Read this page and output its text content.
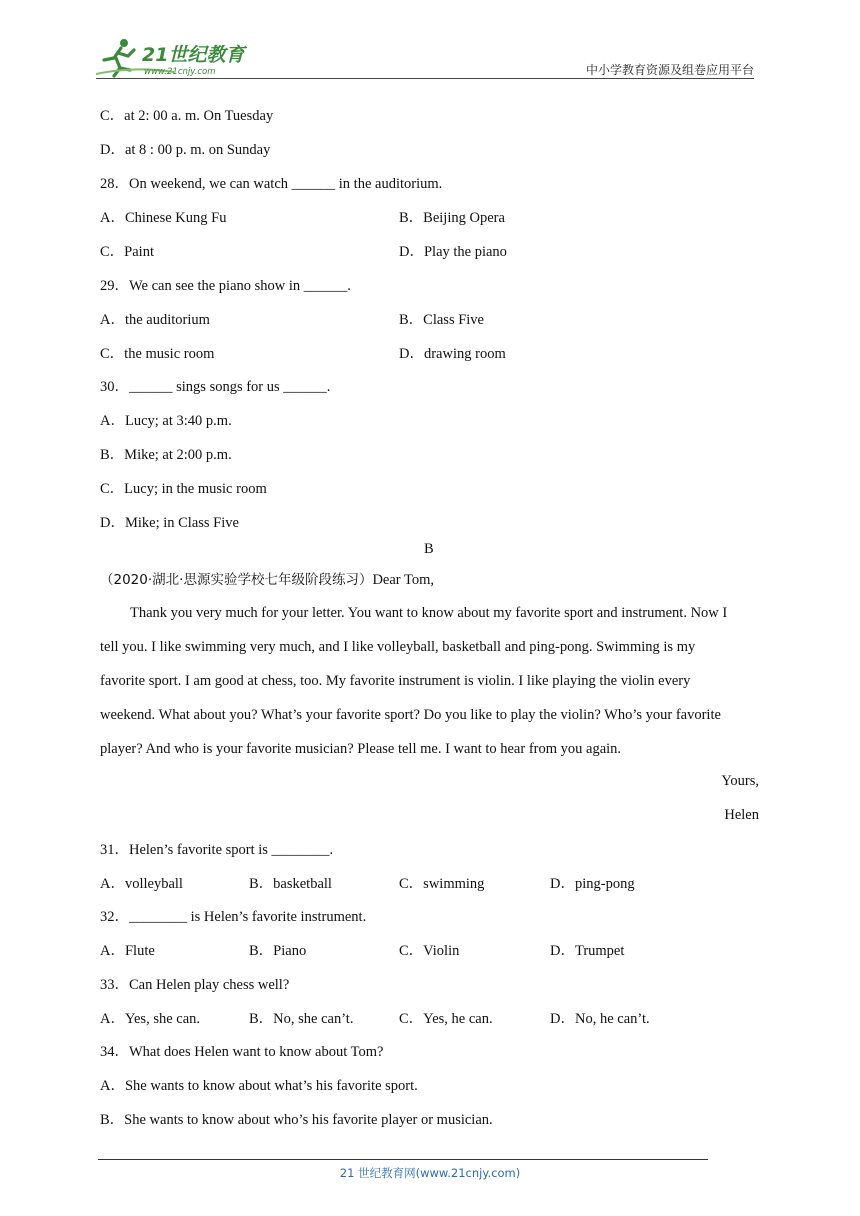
21世纪教育
www.21cnjy.com	中小学教育资源及组卷应用平台
C．at 2: 00 a. m. On Tuesday
D．at 8 : 00 p. m. on Sunday
28．On weekend, we can watch ______ in the auditorium.
A．Chinese Kung Fu	B．Beijing Opera
C．Paint	D．Play the piano
29．We can see the piano show in ______.
A．the auditorium	B．Class Five
C．the music room	D．drawing room
30．______ sings songs for us ______.
A．Lucy; at 3:40 p.m.
B．Mike; at 2:00 p.m.
C．Lucy; in the music room
D．Mike; in Class Five
B
（2020·湖北·思源实验学校七年级阶段练习）Dear Tom,
Thank you very much for your letter. You want to know about my favorite sport and instrument. Now I
tell you. I like swimming very much, and I like volleyball, basketball and ping-pong. Swimming is my
favorite sport. I am good at chess, too. My favorite instrument is violin. I like playing the violin every
weekend. What about you? What’s your favorite sport? Do you like to play the violin? Who’s your favorite
player? And who is your favorite musician? Please tell me. I want to hear from you again.
Yours,
Helen
31．Helen’s favorite sport is ________.
A．volleyball	B．basketball	C．swimming	D．ping-pong
32．________ is Helen’s favorite instrument.
A．Flute	B．Piano	C．Violin	D．Trumpet
33．Can Helen play chess well?
A．Yes, she can.	B．No, she can’t.	C．Yes, he can.	D．No, he can’t.
34．What does Helen want to know about Tom?
A．She wants to know about what’s his favorite sport.
B．She wants to know about who’s his favorite player or musician.
21 世纪教育网(www.21cnjy.com)
